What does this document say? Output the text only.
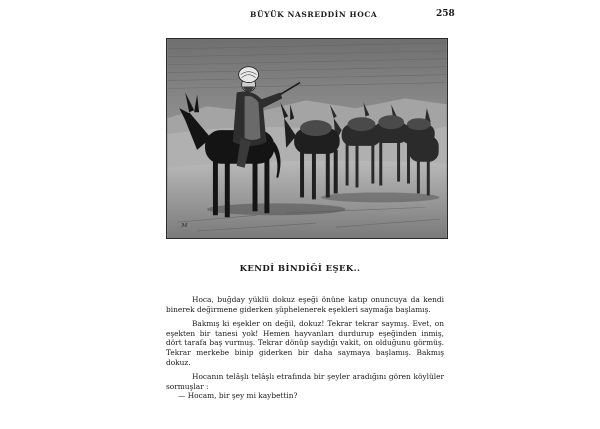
BÜYÜK NASREDDİN HOCA	258
M
KENDİ BİNDİĞİ EŞEK..

Hoca, buğday yüklü dokuz eşeği önüne katıp onuncuya da kendi binerek değirmene giderken şüphelenerek eşekleri saymağa başlamış.

Bakmış ki eşekler on değil, dokuz! Tekrar tekrar saymış. Evet, on eşekten bir tanesi yok! Hemen hayvanları durdurup eşeğinden inmiş, dört tarafa baş vurmuş. Tekrar dönüp saydığı vakit, on olduğunu görmüş. Tekrar merkebe binip giderken bir daha saymaya başlamış. Bakmış dokuz.

Hocanın telâşlı telâşlı etrafında bir şeyler aradığını gören köylüler sormuşlar :

— Hocam, bir şey mi kaybettin?
